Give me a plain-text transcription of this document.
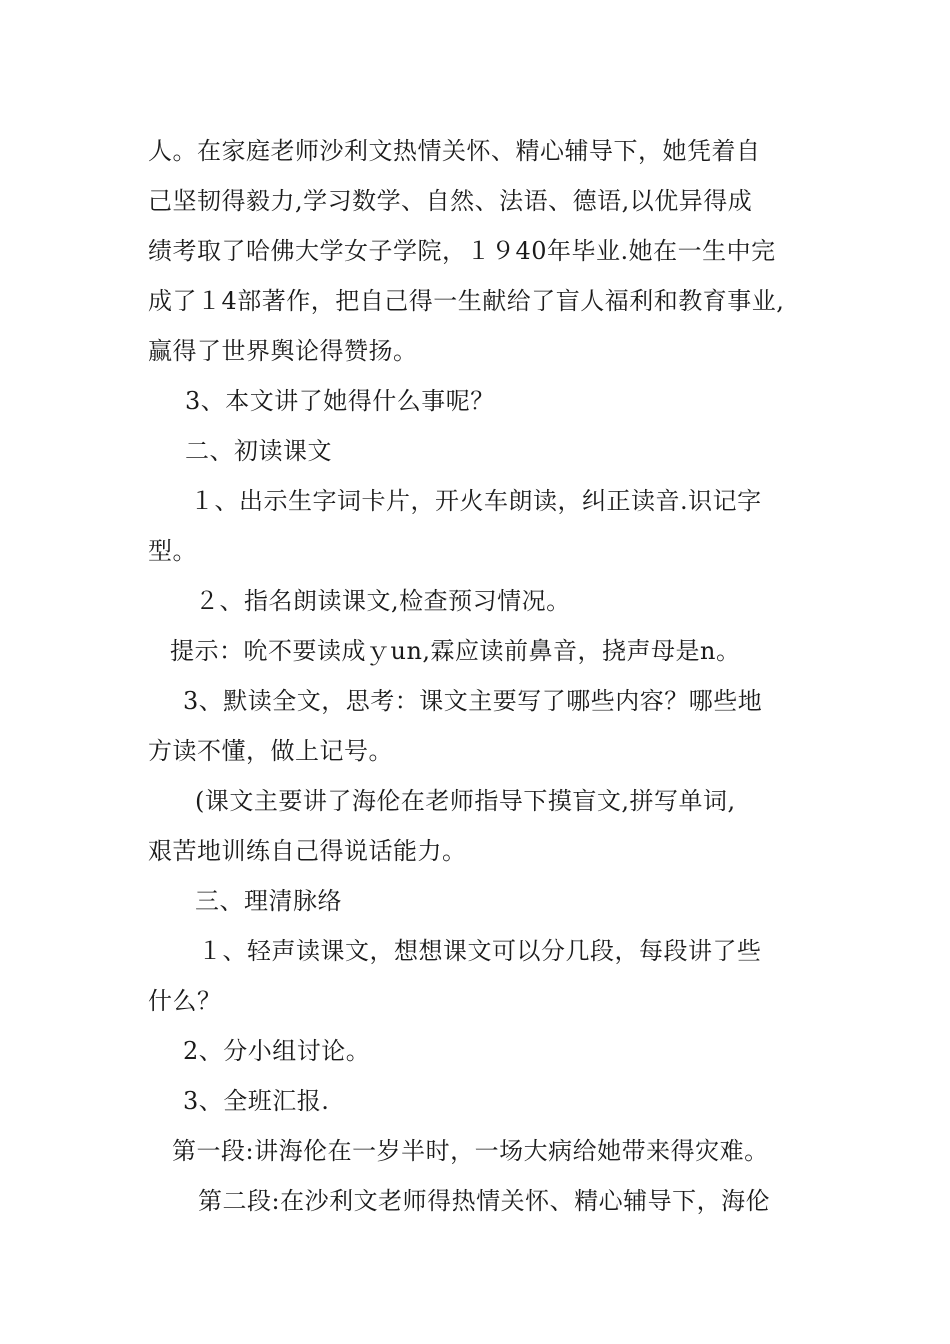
人。在家庭老师沙利文热情关怀、精心辅导下，她凭着自
己坚韧得毅力,学习数学、自然、法语、德语,以优异得成
绩考取了哈佛大学女子学院，１９40年毕业.她在一生中完
成了１4部著作，把自己得一生献给了盲人福利和教育事业,
赢得了世界舆论得赞扬。
3、本文讲了她得什么事呢？
二、初读课文
１、出示生字词卡片，开火车朗读，纠正读音.识记字
型。
２、指名朗读课文,检查预习情况。
提示：吮不要读成ｙun,霖应读前鼻音，挠声母是n。
3、默读全文，思考：课文主要写了哪些内容？哪些地
方读不懂，做上记号。
(课文主要讲了海伦在老师指导下摸盲文,拼写单词,
艰苦地训练自己得说话能力。
三、理清脉络
１、轻声读课文，想想课文可以分几段，每段讲了些
什么？
2、分小组讨论。
3、全班汇报.
第一段:讲海伦在一岁半时，一场大病给她带来得灾难。
第二段:在沙利文老师得热情关怀、精心辅导下，海伦
